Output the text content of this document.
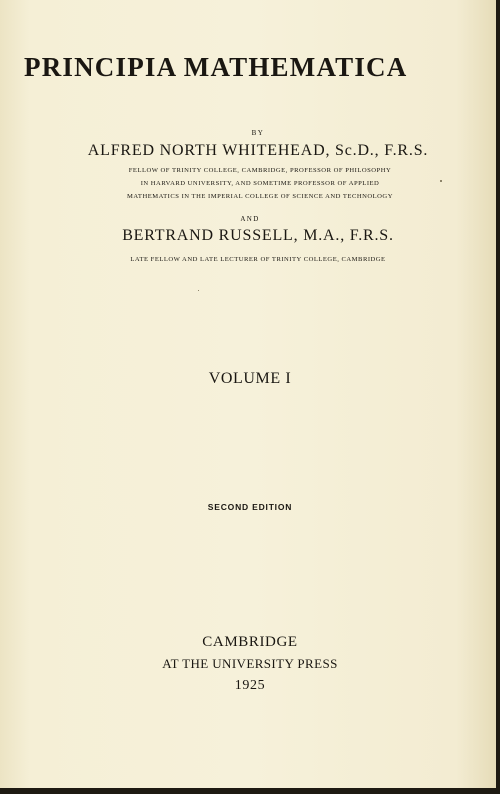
PRINCIPIA MATHEMATICA

BY

ALFRED NORTH WHITEHEAD, Sc.D., F.R.S.

FELLOW OF TRINITY COLLEGE, CAMBRIDGE, PROFESSOR OF PHILOSOPHY

IN HARVARD UNIVERSITY, AND SOMETIME PROFESSOR OF APPLIED

MATHEMATICS IN THE IMPERIAL COLLEGE OF SCIENCE AND TECHNOLOGY

AND

BERTRAND RUSSELL, M.A., F.R.S.

LATE FELLOW AND LATE LECTURER OF TRINITY COLLEGE, CAMBRIDGE

VOLUME I

SECOND EDITION

CAMBRIDGE

AT THE UNIVERSITY PRESS

1925
